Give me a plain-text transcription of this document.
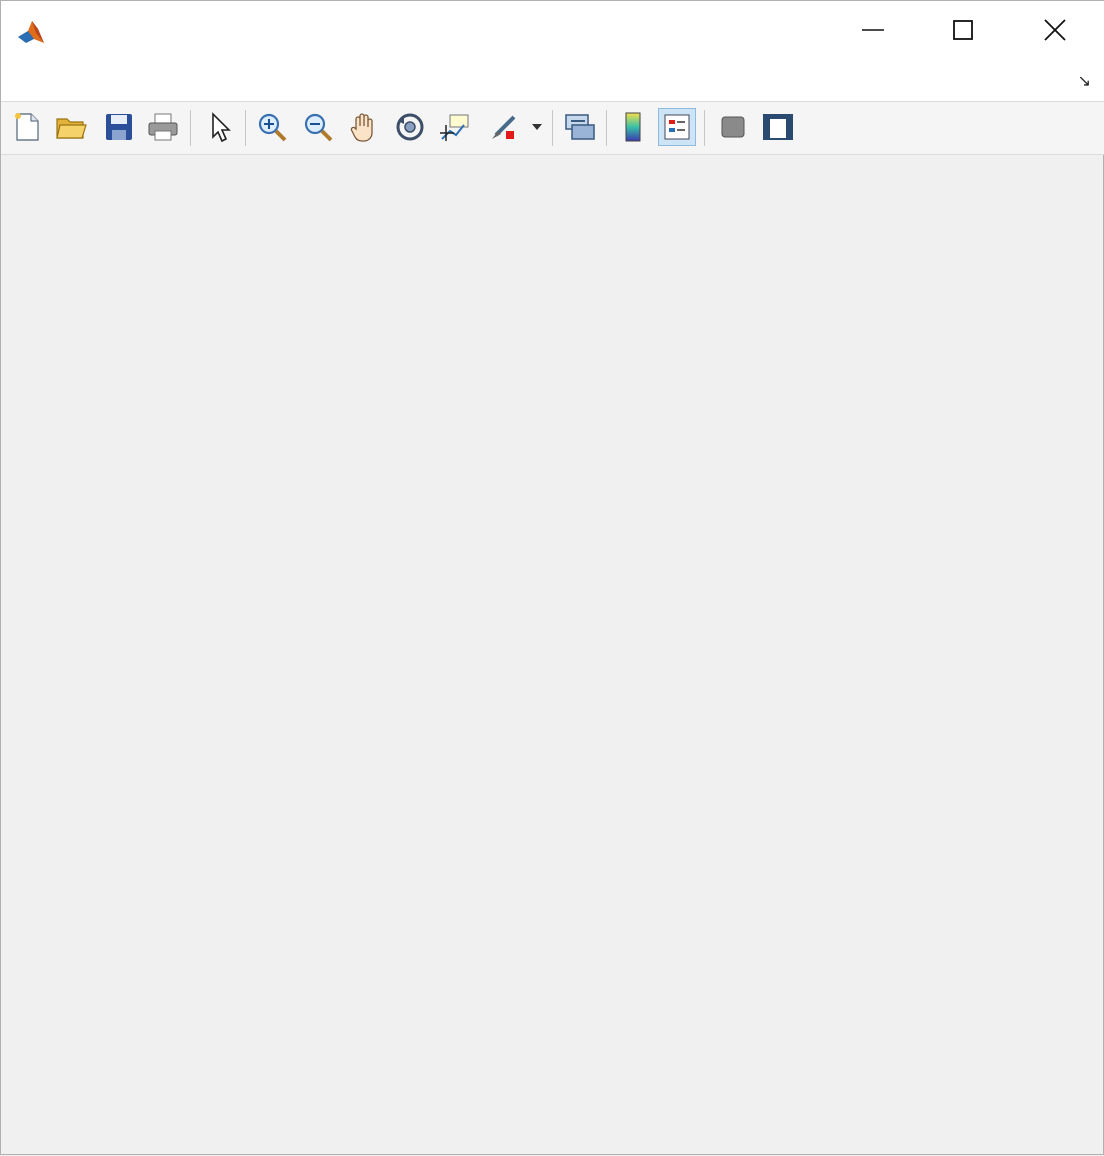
↘
